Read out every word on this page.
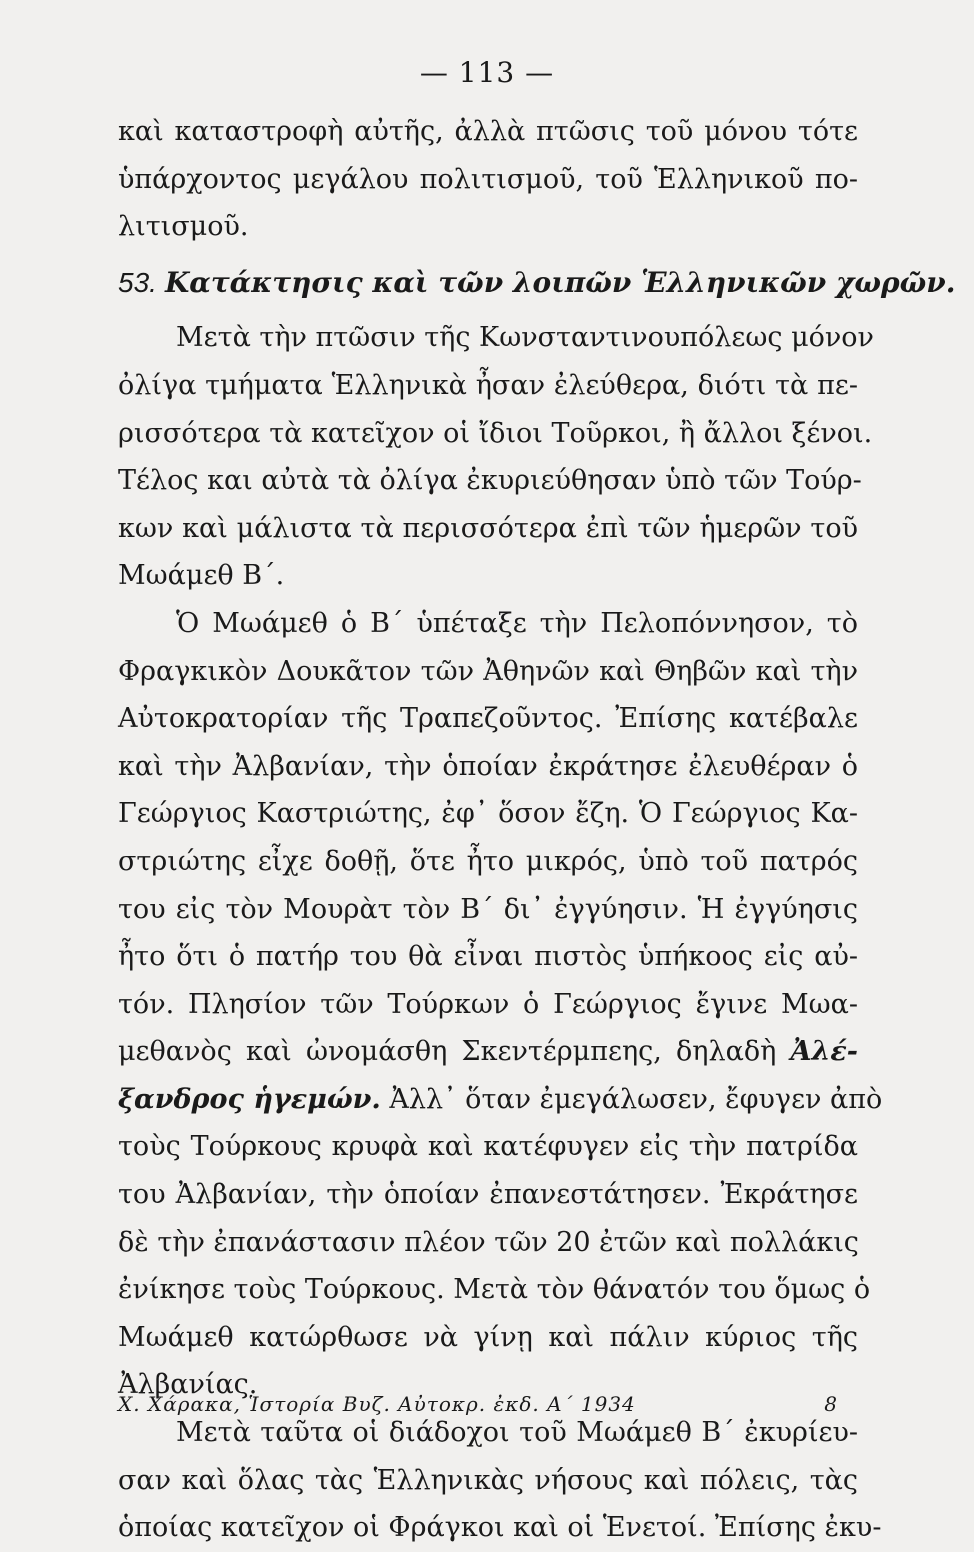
— 113 —
καὶ καταστροφὴ αὐτῆς, ἀλλὰ πτῶσις τοῦ μόνου τότε
ὑπάρχοντος μεγάλου πολιτισμοῦ, τοῦ Ἑλληνικοῦ πο-
λιτισμοῦ.
53. Κατάκτησις καὶ τῶν λοιπῶν Ἑλληνικῶν χωρῶν.
Μετὰ τὴν πτῶσιν τῆς Κωνσταντινουπόλεως μόνον
ὀλίγα τμήματα Ἑλληνικὰ ἦσαν ἐλεύθερα, διότι τὰ πε-
ρισσότερα τὰ κατεῖχον οἱ ἴδιοι Τοῦρκοι, ἢ ἄλλοι ξένοι.
Τέλος και αὐτὰ τὰ ὀλίγα ἐκυριεύθησαν ὑπὸ τῶν Τούρ-
κων καὶ μάλιστα τὰ περισσότερα ἐπὶ τῶν ἡμερῶν τοῦ
Μωάμεθ Β΄.
Ὁ Μωάμεθ ὁ Β΄ ὑπέταξε τὴν Πελοπόννησον, τὸ
Φραγκικὸν Δουκᾶτον τῶν Ἀθηνῶν καὶ Θηβῶν καὶ τὴν
Αὐτοκρατορίαν τῆς Τραπεζοῦντος. Ἐπίσης κατέβαλε
καὶ τὴν Ἀλβανίαν, τὴν ὁποίαν ἐκράτησε ἐλευθέραν ὁ
Γεώργιος Καστριώτης, ἐφ᾽ ὅσον ἔζη. Ὁ Γεώργιος Κα-
στριώτης εἶχε δοθῇ, ὅτε ἦτο μικρός, ὑπὸ τοῦ πατρός
του εἰς τὸν Μουρὰτ τὸν Β΄ δι᾽ ἐγγύησιν. Ἡ ἐγγύησις
ἦτο ὅτι ὁ πατήρ του θὰ εἶναι πιστὸς ὑπήκοος εἰς αὐ-
τόν. Πλησίον τῶν Τούρκων ὁ Γεώργιος ἔγινε Μωα-
μεθανὸς καὶ ὠνομάσθη Σκεντέρμπεης, δηλαδὴ Ἀλέ-
ξανδρος ἡγεμών. Ἀλλ᾽ ὅταν ἐμεγάλωσεν, ἔφυγεν ἀπὸ
τοὺς Τούρκους κρυφὰ καὶ κατέφυγεν εἰς τὴν πατρίδα
του Ἀλβανίαν, τὴν ὁποίαν ἐπανεστάτησεν. Ἐκράτησε
δὲ τὴν ἐπανάστασιν πλέον τῶν 20 ἐτῶν καὶ πολλάκις
ἐνίκησε τοὺς Τούρκους. Μετὰ τὸν θάνατόν του ὅμως ὁ
Μωάμεθ κατώρθωσε νὰ γίνῃ καὶ πάλιν κύριος τῆς
Ἀλβανίας.
Μετὰ ταῦτα οἱ διάδοχοι τοῦ Μωάμεθ Β΄ ἐκυρίευ-
σαν καὶ ὅλας τὰς Ἑλληνικὰς νήσους καὶ πόλεις, τὰς
ὁποίας κατεῖχον οἱ Φράγκοι καὶ οἱ Ἑνετοί. Ἐπίσης ἐκυ-
Χ. Χάρακα, Ἱστορία Βυζ. Αὐτοκρ. ἐκδ. Α΄ 1934	8
